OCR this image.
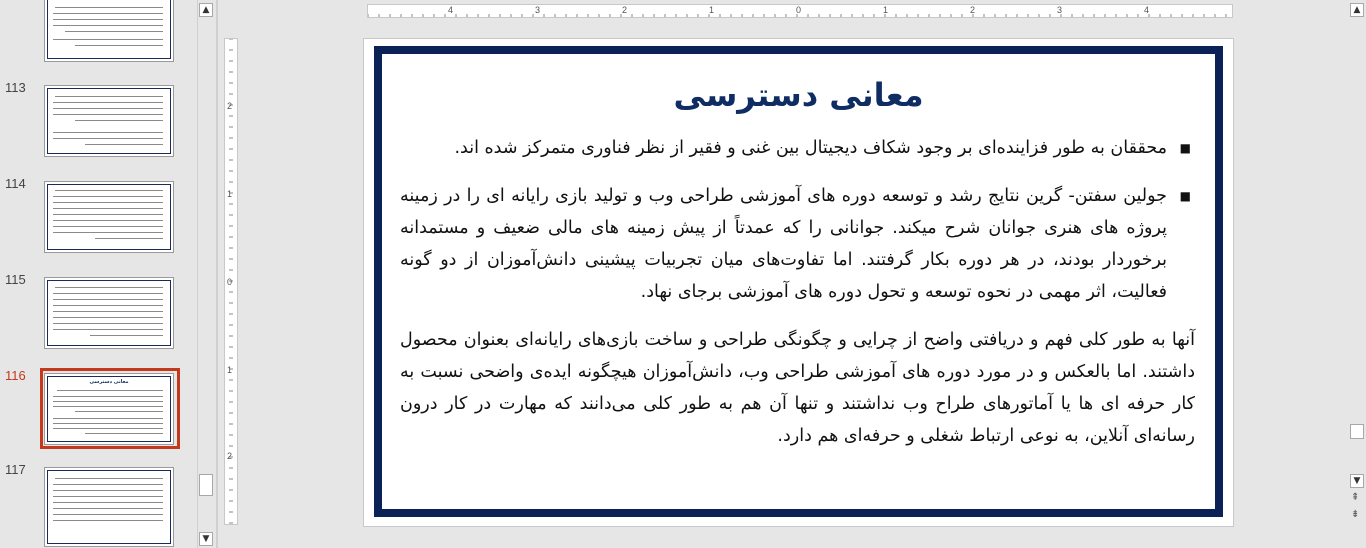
113
114
115
116	معانی دسترسی
117
▲
▼
4	3	2	1	0	1	2	3	4
2
1
0
1
2
معانی دسترسی

■
محققان به طور فزاینده‌ای بر وجود شکاف دیجیتال بین غنی و فقیر از نظر فناوری متمرکز شده اند.

■
جولین سفتن- گرین نتایج رشد و توسعه دوره های آموزشی طراحی وب و تولید بازی رایانه ای را در زمینه پروژه های هنری جوانان شرح میکند. جوانانی را که عمدتاً از پیش زمینه های مالی ضعیف و مستمدانه برخوردار بودند، در هر دوره بکار گرفتند. اما تفاوت‌های میان تجربیات پیشینی دانش‌آموزان از دو گونه فعالیت، اثر مهمی در نحوه توسعه و تحول دوره های آموزشی برجای نهاد.

آنها به طور کلی فهم و دریافتی واضح از چرایی و چگونگی طراحی و ساخت بازی‌های رایانه‌ای بعنوان محصول داشتند. اما بالعکس و در مورد دوره های آموزشی طراحی وب، دانش‌آموزان هیچگونه ایده‌ی واضحی نسبت به کار حرفه ای ها یا آماتورهای طراح وب نداشتند و تنها آن هم به طور کلی می‌دانند که مهارت در کار درون رسانه‌ای آنلاین، به نوعی ارتباط شغلی و حرفه‌ای هم دارد.

▲
▼
⇞
⇟
